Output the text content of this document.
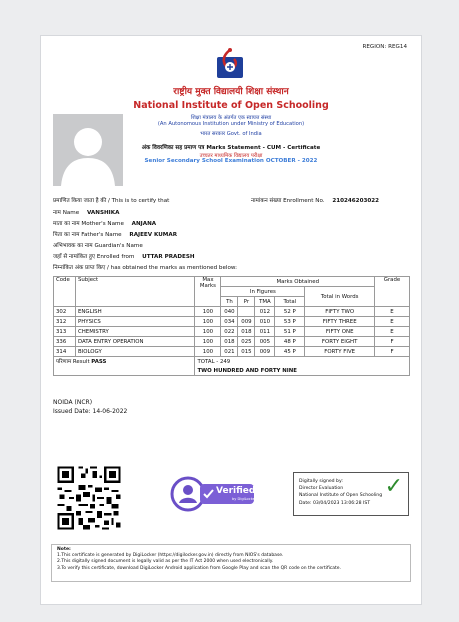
REGION: REG14
राष्ट्रीय मुक्त विद्यालयी शिक्षा संस्थान
National Institute of Open Schooling
शिक्षा मंत्रालय के अंतर्गत एक स्वायत्त संस्था
(An Autonomous Institution under Ministry of Education)
भारत सरकार Govt. of India
अंक विवरणिका सह प्रमाण पत्र Marks Statement - CUM - Certificate
उच्चतर माध्यमिक विद्यालय परीक्षा
Senior Secondary School Examination OCTOBER - 2022
प्रमाणित किया जाता है की / This is to certify that	नामांकन संख्या Enrollment No. 210246203022
नाम Name VANSHIKA
माता का नाम Mother's Name ANJANA
पिता का नाम Father's Name RAJEEV KUMAR
अभिभावक का नाम Guardian's Name
जहाँ से नामांकित हुए Enrolled from UTTAR PRADESH
निम्नांकित अंक प्राप्त किए / has obtained the marks as mentioned below:
Code	Subject	Max Marks	Marks Obtained					Grade
			In Figures				Total in Words	
			Th	Pr	TMA	Total		
302	ENGLISH	100	040		012	52 P	FIFTY TWO	E
312	PHYSICS	100	034	009	010	53 P	FIFTY THREE	E
313	CHEMISTRY	100	022	018	011	51 P	FIFTY ONE	E
336	DATA ENTRY OPERATION	100	018	025	005	48 P	FORTY EIGHT	F
314	BIOLOGY	100	021	015	009	45 P	FORTY FIVE	F
परिणाम Result PASS		TOTAL - 249						
		TWO HUNDRED AND FORTY NINE						
NOIDA (NCR)
Issued Date: 14-06-2022
Verified
by DigiLocker
Digitally signed by:
Director Evaluation
National Institute of Open Schooling
Date: 03/04/2023 13:06:28 IST
✓
Note:
1.This certificate is generated by DigiLocker (https://digilocker.gov.in) directly from NIOS's database.
2.This digitally signed document is legally valid as per the IT Act 2000 when used electronically.
3.To verify this certificate, download DigiLocker Android application from Google Play and scan the QR code on the certificate.
